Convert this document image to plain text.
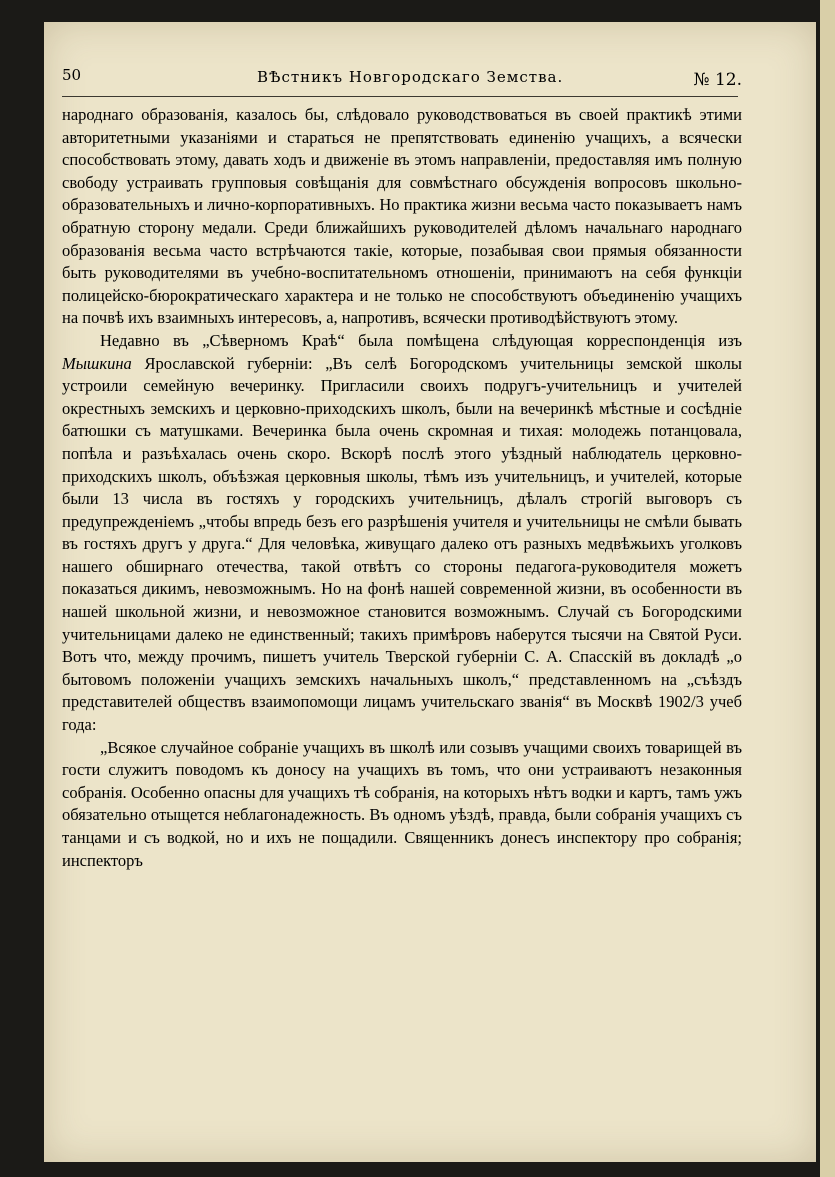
50	ВѢстникъ Новгородскаго Земства.	№ 12.

народнаго образованія, казалось бы, слѣдовало руководствоваться въ своей практикѣ этими авторитетными указаніями и стараться не препятствовать единенію учащихъ, а всячески способствовать этому, давать ходъ и движеніе въ этомъ направленіи, предоставляя имъ полную свободу устраивать групповыя совѣщанія для совмѣстнаго обсужденія вопросовъ школьно-образовательныхъ и лично-корпоративныхъ. Но практика жизни весьма часто показываетъ намъ обратную сторону медали. Среди ближайшихъ руководителей дѣломъ начальнаго народнаго образованія весьма часто встрѣчаются такіе, которые, позабывая свои прямыя обязанности быть руководителями въ учебно-воспитательномъ отношеніи, принимаютъ на себя функціи полицейско-бюрократическаго характера и не только не способствуютъ объединенію учащихъ на почвѣ ихъ взаимныхъ интересовъ, а, напротивъ, всячески противодѣйствуютъ этому.

Недавно въ „Сѣверномъ Краѣ“ была помѣщена слѣдующая корреспонденція изъ Мышкина Ярославской губерніи: „Въ селѣ Богородскомъ учительницы земской школы устроили семейную вечеринку. Пригласили своихъ подругъ-учительницъ и учителей окрестныхъ земскихъ и церковно-приходскихъ школъ, были на вечеринкѣ мѣстные и сосѣдніе батюшки съ матушками. Вечеринка была очень скромная и тихая: молодежь потанцовала, попѣла и разъѣхалась очень скоро. Вскорѣ послѣ этого уѣздный наблюдатель церковно-приходскихъ школъ, объѣзжая церковныя школы, тѣмъ изъ учительницъ, и учителей, которые были 13 числа въ гостяхъ у городскихъ учительницъ, дѣлалъ строгій выговоръ съ предупрежденіемъ „чтобы впредь безъ его разрѣшенія учителя и учительницы не смѣли бывать въ гостяхъ другъ у друга.“ Для человѣка, живущаго далеко отъ разныхъ медвѣжьихъ уголковъ нашего обширнаго отечества, такой отвѣтъ со стороны педагога-руководителя можетъ показаться дикимъ, невозможнымъ. Но на фонѣ нашей современной жизни, въ особенности въ нашей школьной жизни, и невозможное становится возможнымъ. Случай съ Богородскими учительницами далеко не единственный; такихъ примѣровъ наберутся тысячи на Святой Руси. Вотъ что, между прочимъ, пишетъ учитель Тверской губерніи С. А. Спасскій въ докладѣ „о бытовомъ положеніи учащихъ земскихъ начальныхъ школъ,“ представленномъ на „съѣздъ представителей обществъ взаимопомощи лицамъ учительскаго званія“ въ Москвѣ 1902/3 учеб года:

„Всякое случайное собраніе учащихъ въ школѣ или созывъ учащими своихъ товарищей въ гости служитъ поводомъ къ доносу на учащихъ въ томъ, что они устраиваютъ незаконныя собранія. Особенно опасны для учащихъ тѣ собранія, на которыхъ нѣтъ водки и картъ, тамъ ужъ обязательно отыщется неблагонадежность. Въ одномъ уѣздѣ, правда, были собранія учащихъ съ танцами и съ водкой, но и ихъ не пощадили. Священникъ донесъ инспектору про собранія; инспекторъ
